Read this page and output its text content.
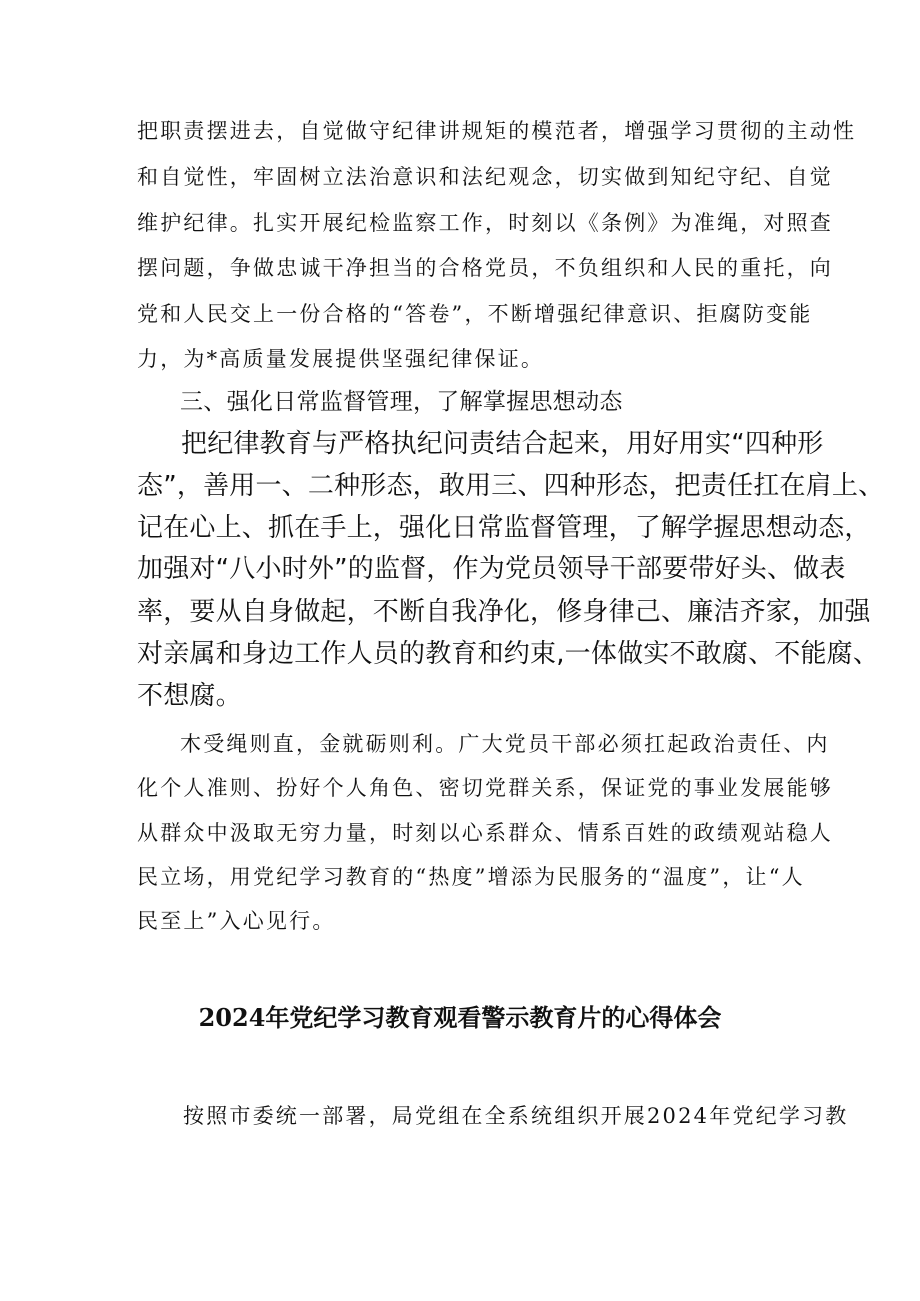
把职责摆进去，自觉做守纪律讲规矩的模范者，增强学习贯彻的主动性
和自觉性，牢固树立法治意识和法纪观念，切实做到知纪守纪、自觉
维护纪律。扎实开展纪检监察工作，时刻以《条例》为准绳，对照查
摆问题，争做忠诚干净担当的合格党员，不负组织和人民的重托，向
党和人民交上一份合格的“答卷”，不断增强纪律意识、拒腐防变能
力，为*高质量发展提供坚强纪律保证。
三、强化日常监督管理，了解掌握思想动态
把纪律教育与严格执纪问责结合起来，用好用实“四种形
态”，善用一、二种形态，敢用三、四种形态，把责任扛在肩上、
记在心上、抓在手上，强化日常监督管理，了解学握思想动态，
加强对“八小时外”的监督，作为党员领导干部要带好头、做表
率，要从自身做起，不断自我净化，修身律己、廉洁齐家，加强
对亲属和身边工作人员的教育和约束,一体做实不敢腐、不能腐、
不想腐。
木受绳则直，金就砺则利。广大党员干部必须扛起政治责任、内
化个人准则、扮好个人角色、密切党群关系，保证党的事业发展能够
从群众中汲取无穷力量，时刻以心系群众、情系百姓的政绩观站稳人
民立场，用党纪学习教育的“热度”增添为民服务的“温度”，让“人
民至上”入心见行。
2024年党纪学习教育观看警示教育片的心得体会
按照市委统一部署，局党组在全系统组织开展2024年党纪学习教
